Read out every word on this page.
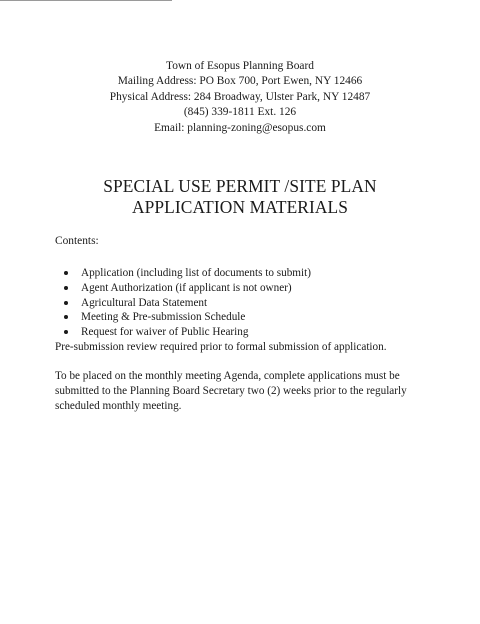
Town of Esopus Planning Board
Mailing Address: PO Box 700, Port Ewen, NY 12466
Physical Address: 284 Broadway, Ulster Park, NY 12487
(845) 339-1811 Ext. 126
Email: planning-zoning@esopus.com
SPECIAL USE PERMIT /SITE PLAN
APPLICATION MATERIALS
Contents:
Application (including list of documents to submit)
Agent Authorization (if applicant is not owner)
Agricultural Data Statement
Meeting & Pre-submission Schedule
Request for waiver of Public Hearing
Pre-submission review required prior to formal submission of application.
To be placed on the monthly meeting Agenda, complete applications must be
submitted to the Planning Board Secretary two (2) weeks prior to the regularly
scheduled monthly meeting.
